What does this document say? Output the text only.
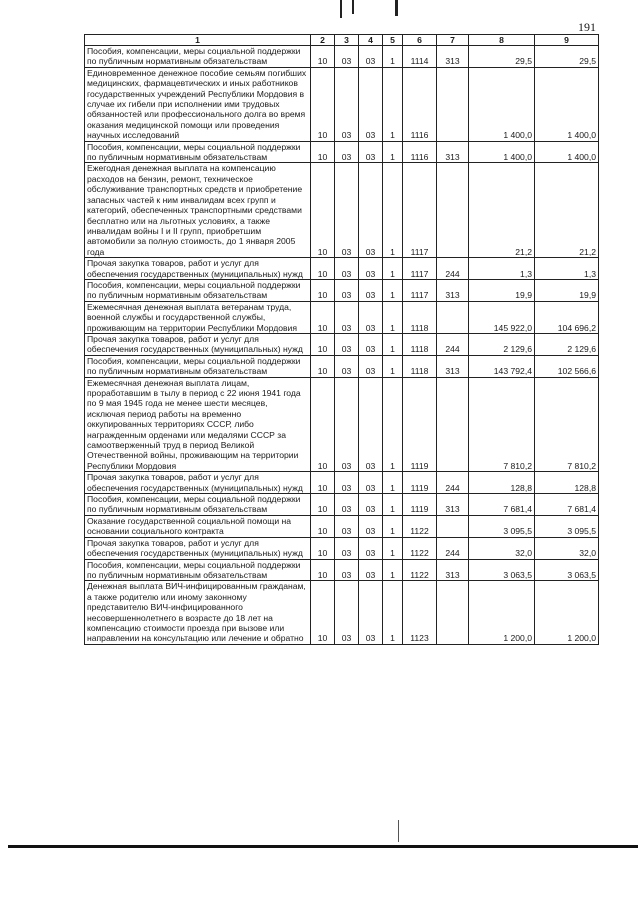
191
1	2	3	4	5	6	7	8	9
Пособия, компенсации, меры социальной поддержки по публичным нормативным обязательствам	10	03	03	1	1114	313	29,5	29,5
Единовременное денежное пособие семьям погибших медицинских, фармацевтических и иных работников государственных учреждений Республики Мордовия в случае их гибели при исполнении ими трудовых обязанностей или профессионального долга во время оказания медицинской помощи или проведения научных исследований	10	03	03	1	1116		1 400,0	1 400,0
Пособия, компенсации, меры социальной поддержки по публичным нормативным обязательствам	10	03	03	1	1116	313	1 400,0	1 400,0
Ежегодная денежная выплата на компенсацию расходов на бензин, ремонт, техническое обслуживание транспортных средств и приобретение запасных частей к ним инвалидам всех групп и категорий, обеспеченных транспортными средствами бесплатно или на льготных условиях, а также инвалидам войны I и II групп, приобретшим автомобили за полную стоимость, до 1 января 2005 года	10	03	03	1	1117		21,2	21,2
Прочая закупка товаров, работ и услуг для обеспечения государственных (муниципальных) нужд	10	03	03	1	1117	244	1,3	1,3
Пособия, компенсации, меры социальной поддержки по публичным нормативным обязательствам	10	03	03	1	1117	313	19,9	19,9
Ежемесячная денежная выплата ветеранам труда, военной службы и государственной службы, проживающим на территории Республики Мордовия	10	03	03	1	1118		145 922,0	104 696,2
Прочая закупка товаров, работ и услуг для обеспечения государственных (муниципальных) нужд	10	03	03	1	1118	244	2 129,6	2 129,6
Пособия, компенсации, меры социальной поддержки по публичным нормативным обязательствам	10	03	03	1	1118	313	143 792,4	102 566,6
Ежемесячная денежная выплата лицам, проработавшим в тылу в период с 22 июня 1941 года по 9 мая 1945 года не менее шести месяцев, исключая период работы на временно оккупированных территориях СССР, либо награжденным орденами или медалями СССР за самоотверженный труд в период Великой Отечественной войны, проживающим на территории Республики Мордовия	10	03	03	1	1119		7 810,2	7 810,2
Прочая закупка товаров, работ и услуг для обеспечения государственных (муниципальных) нужд	10	03	03	1	1119	244	128,8	128,8
Пособия, компенсации, меры социальной поддержки по публичным нормативным обязательствам	10	03	03	1	1119	313	7 681,4	7 681,4
Оказание государственной социальной помощи на основании социального контракта	10	03	03	1	1122		3 095,5	3 095,5
Прочая закупка товаров, работ и услуг для обеспечения государственных (муниципальных) нужд	10	03	03	1	1122	244	32,0	32,0
Пособия, компенсации, меры социальной поддержки по публичным нормативным обязательствам	10	03	03	1	1122	313	3 063,5	3 063,5
Денежная выплата ВИЧ-инфицированным гражданам, а также родителю или иному законному представителю ВИЧ-инфицированного несовершеннолетнего в возрасте до 18 лет на компенсацию стоимости проезда при вызове или направлении на консультацию или лечение и обратно	10	03	03	1	1123		1 200,0	1 200,0
